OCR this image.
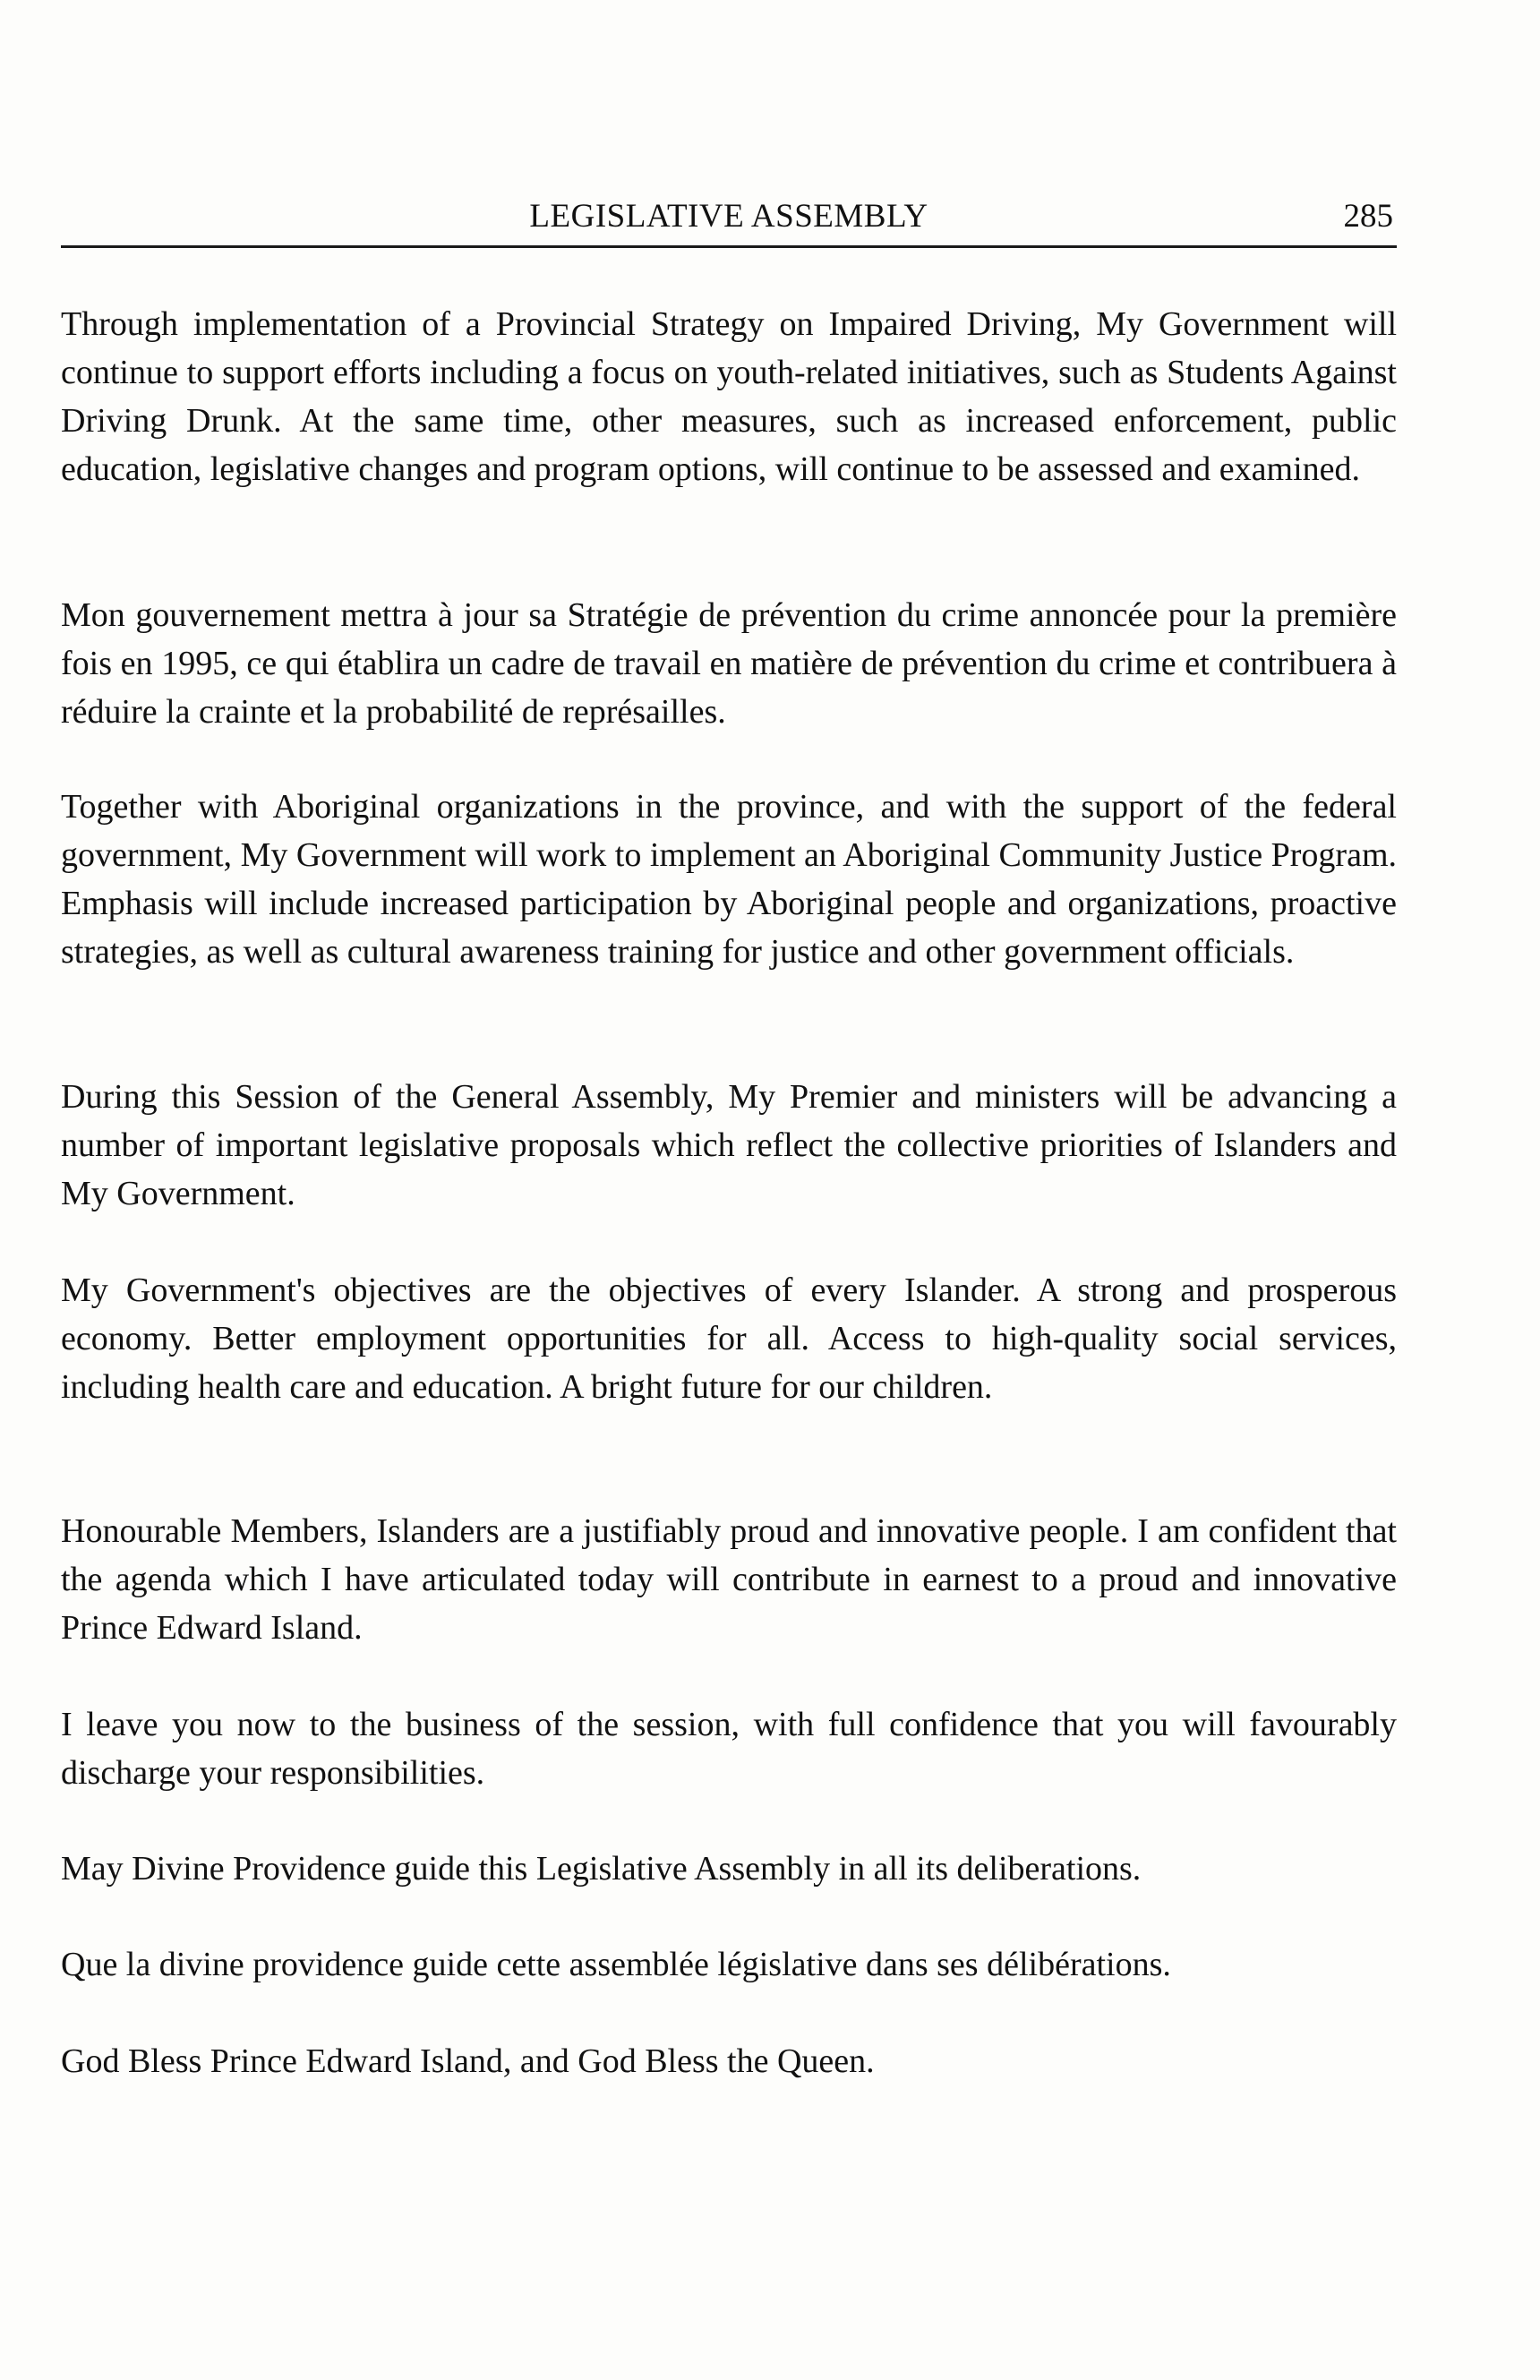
LEGISLATIVE ASSEMBLY	285

Through implementation of a Provincial Strategy on Impaired Driving, My Government will continue to support efforts including a focus on youth-related initiatives, such as Students Against Driving Drunk. At the same time, other measures, such as increased enforcement, public education, legislative changes and program options, will continue to be assessed and examined.

Mon gouvernement mettra à jour sa Stratégie de prévention du crime annoncée pour la première fois en 1995, ce qui établira un cadre de travail en matière de prévention du crime et contribuera à réduire la crainte et la probabilité de représailles.

Together with Aboriginal organizations in the province, and with the support of the federal government, My Government will work to implement an Aboriginal Community Justice Program. Emphasis will include increased participation by Aboriginal people and organizations, proactive strategies, as well as cultural awareness training for justice and other government officials.

During this Session of the General Assembly, My Premier and ministers will be advancing a number of important legislative proposals which reflect the collective priorities of Islanders and My Government.

My Government's objectives are the objectives of every Islander. A strong and prosperous economy. Better employment opportunities for all. Access to high-quality social services, including health care and education. A bright future for our children.

Honourable Members, Islanders are a justifiably proud and innovative people. I am confident that the agenda which I have articulated today will contribute in earnest to a proud and innovative Prince Edward Island.

I leave you now to the business of the session, with full confidence that you will favourably discharge your responsibilities.

May Divine Providence guide this Legislative Assembly in all its deliberations.

Que la divine providence guide cette assemblée législative dans ses délibérations.

God Bless Prince Edward Island, and God Bless the Queen.
